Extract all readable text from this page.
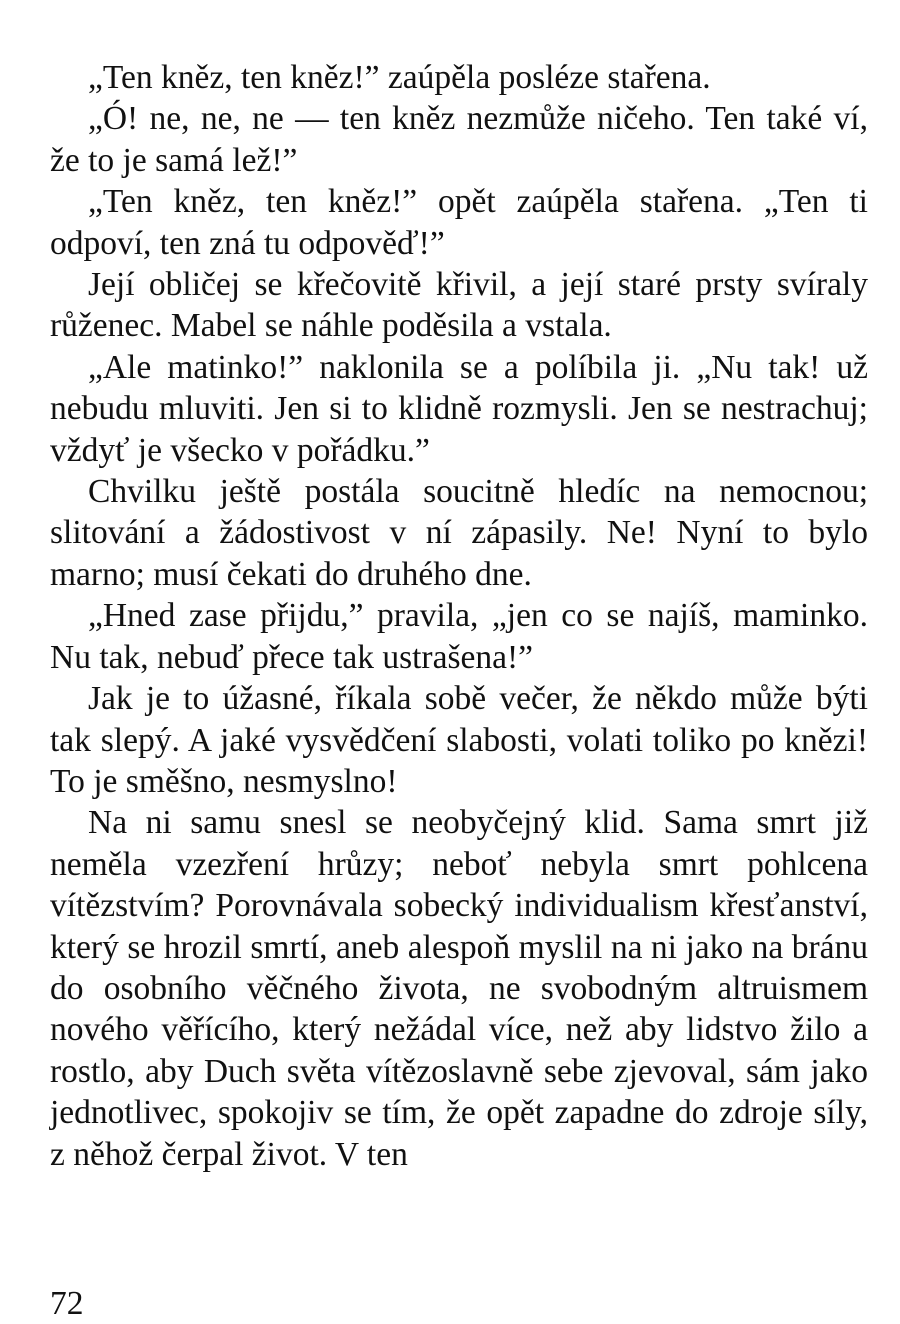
„Ten kněz, ten kněz!” zaúpěla posléze stařena.

„Ó! ne, ne, ne — ten kněz nezmůže ničeho. Ten také ví, že to je samá lež!”

„Ten kněz, ten kněz!” opět zaúpěla stařena. „Ten ti odpoví, ten zná tu odpověď!”

Její obličej se křečovitě křivil, a její staré prsty svíraly růženec. Mabel se náhle poděsila a vstala.

„Ale matinko!” naklonila se a políbila ji. „Nu tak! už nebudu mluviti. Jen si to klidně rozmysli. Jen se nestrachuj; vždyť je všecko v pořádku.”

Chvilku ještě postála soucitně hledíc na nemocnou; slitování a žádostivost v ní zápasily. Ne! Nyní to bylo marno; musí čekati do druhého dne.

„Hned zase přijdu,” pravila, „jen co se najíš, maminko. Nu tak, nebuď přece tak ustrašena!”

Jak je to úžasné, říkala sobě večer, že někdo může býti tak slepý. A jaké vysvědčení slabosti, volati toliko po knězi! To je směšno, nesmyslno!

Na ni samu snesl se neobyčejný klid. Sama smrt již neměla vzezření hrůzy; neboť nebyla smrt pohlcena vítězstvím? Porovnávala sobecký individualism křesťanství, který se hrozil smrtí, aneb alespoň myslil na ni jako na bránu do osobního věčného života, ne svobodným altruismem nového věřícího, který nežádal více, než aby lidstvo žilo a rostlo, aby Duch světa vítězoslavně sebe zjevoval, sám jako jednotlivec, spokojiv se tím, že opět zapadne do zdroje síly, z něhož čerpal život. V ten

72
